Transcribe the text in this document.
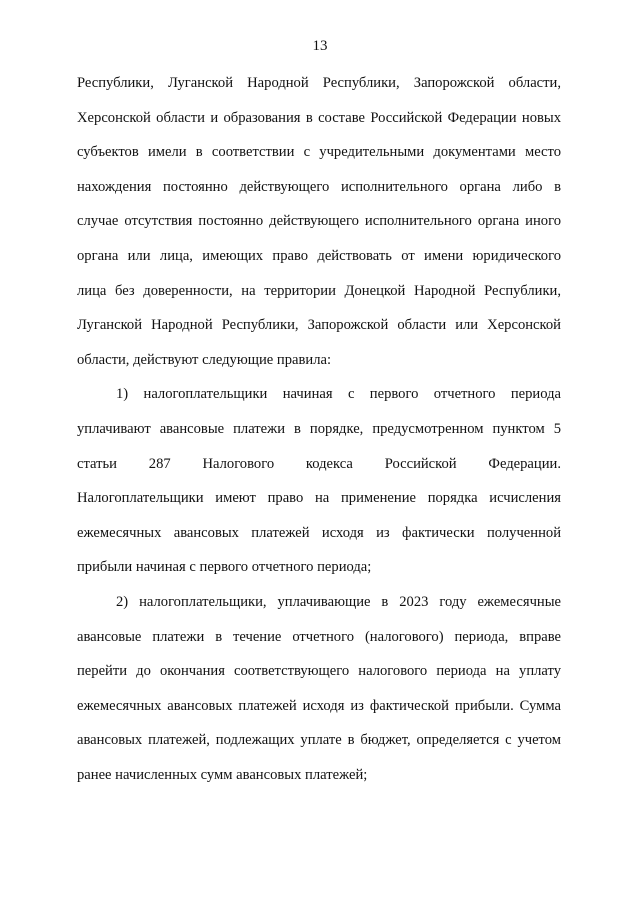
13
Республики, Луганской Народной Республики, Запорожской области,
Херсонской области и образования в составе Российской Федерации новых
субъектов имели в соответствии с учредительными документами место
нахождения постоянно действующего исполнительного органа либо в
случае отсутствия постоянно действующего исполнительного органа иного
органа или лица, имеющих право действовать от имени юридического
лица без доверенности, на территории Донецкой Народной Республики,
Луганской Народной Республики, Запорожской области или Херсонской
области, действуют следующие правила:
1) налогоплательщики начиная с первого отчетного периода
уплачивают авансовые платежи в порядке, предусмотренном пунктом 5
статьи 287 Налогового кодекса Российской Федерации.
Налогоплательщики имеют право на применение порядка исчисления
ежемесячных авансовых платежей исходя из фактически полученной
прибыли начиная с первого отчетного периода;
2) налогоплательщики, уплачивающие в 2023 году ежемесячные
авансовые платежи в течение отчетного (налогового) периода, вправе
перейти до окончания соответствующего налогового периода на уплату
ежемесячных авансовых платежей исходя из фактической прибыли. Сумма
авансовых платежей, подлежащих уплате в бюджет, определяется с учетом
ранее начисленных сумм авансовых платежей;
